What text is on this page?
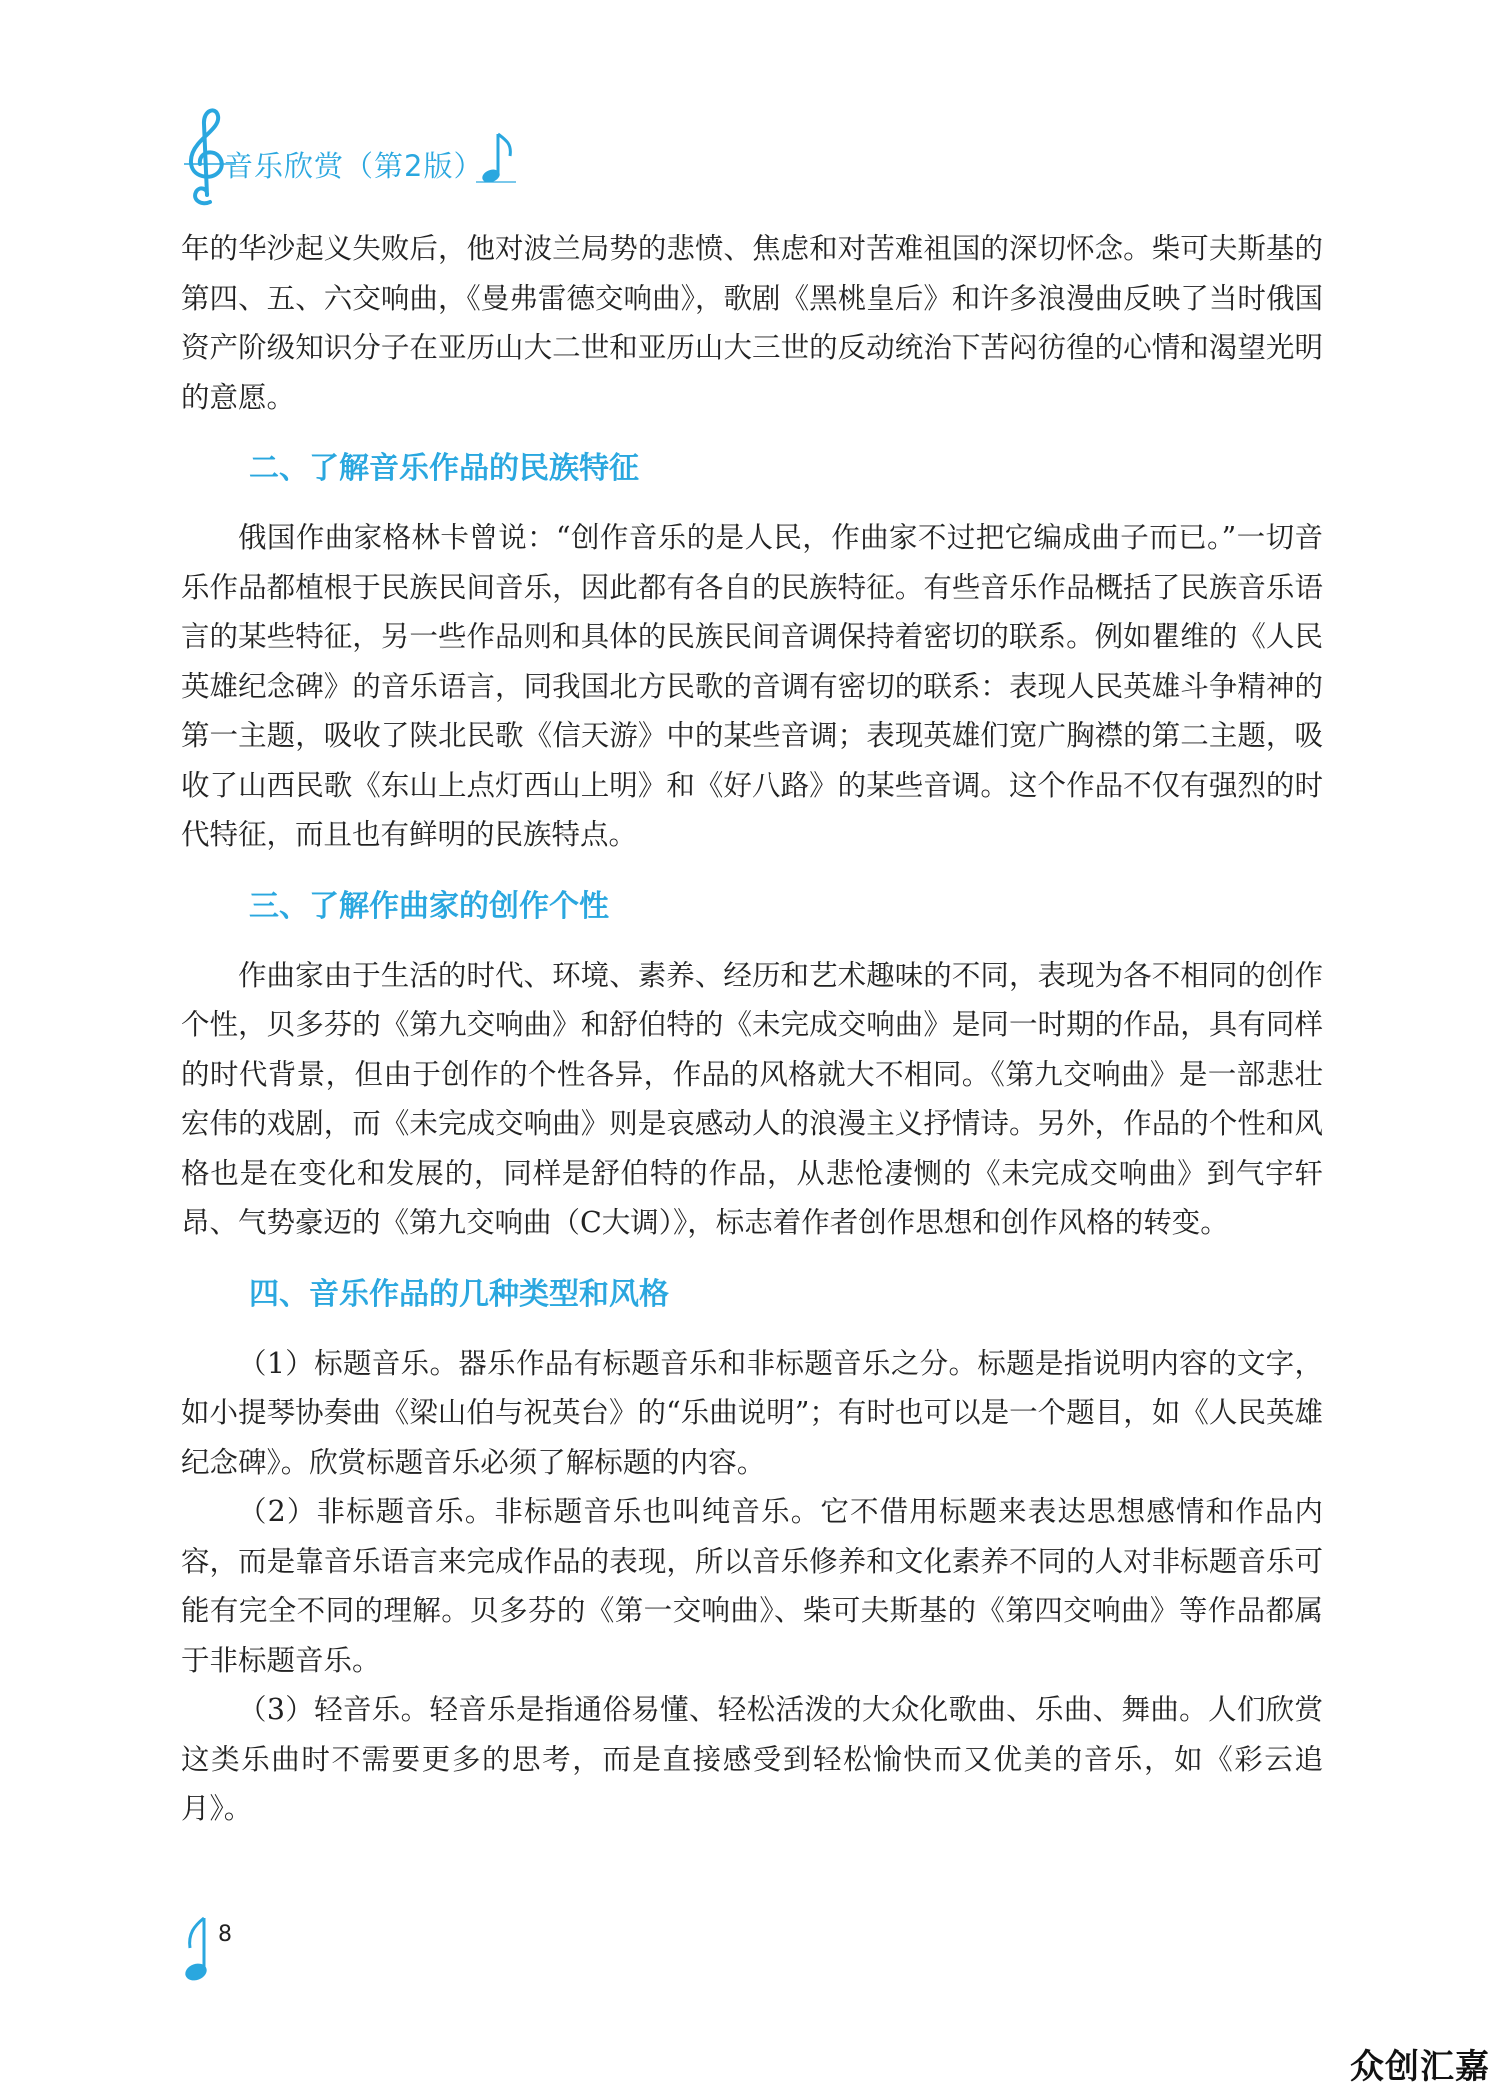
音乐欣赏（第2版）

年的华沙起义失败后，他对波兰局势的悲愤、焦虑和对苦难祖国的深切怀念。柴可夫斯基的第四、五、六交响曲，《曼弗雷德交响曲》，歌剧《黑桃皇后》和许多浪漫曲反映了当时俄国资产阶级知识分子在亚历山大二世和亚历山大三世的反动统治下苦闷彷徨的心情和渴望光明的意愿。

二、了解音乐作品的民族特征

俄国作曲家格林卡曾说：“创作音乐的是人民，作曲家不过把它编成曲子而已。”一切音乐作品都植根于民族民间音乐，因此都有各自的民族特征。有些音乐作品概括了民族音乐语言的某些特征，另一些作品则和具体的民族民间音调保持着密切的联系。例如瞿维的《人民英雄纪念碑》的音乐语言，同我国北方民歌的音调有密切的联系：表现人民英雄斗争精神的第一主题，吸收了陕北民歌《信天游》中的某些音调；表现英雄们宽广胸襟的第二主题，吸收了山西民歌《东山上点灯西山上明》和《好八路》的某些音调。这个作品不仅有强烈的时代特征，而且也有鲜明的民族特点。

三、了解作曲家的创作个性

作曲家由于生活的时代、环境、素养、经历和艺术趣味的不同，表现为各不相同的创作个性，贝多芬的《第九交响曲》和舒伯特的《未完成交响曲》是同一时期的作品，具有同样的时代背景，但由于创作的个性各异，作品的风格就大不相同。《第九交响曲》是一部悲壮宏伟的戏剧，而《未完成交响曲》则是哀感动人的浪漫主义抒情诗。另外，作品的个性和风格也是在变化和发展的，同样是舒伯特的作品，从悲怆凄恻的《未完成交响曲》到气宇轩昂、气势豪迈的《第九交响曲（C大调）》，标志着作者创作思想和创作风格的转变。

四、音乐作品的几种类型和风格

（1）标题音乐。器乐作品有标题音乐和非标题音乐之分。标题是指说明内容的文字，如小提琴协奏曲《梁山伯与祝英台》的“乐曲说明”；有时也可以是一个题目，如《人民英雄纪念碑》。欣赏标题音乐必须了解标题的内容。

（2）非标题音乐。非标题音乐也叫纯音乐。它不借用标题来表达思想感情和作品内容，而是靠音乐语言来完成作品的表现，所以音乐修养和文化素养不同的人对非标题音乐可能有完全不同的理解。贝多芬的《第一交响曲》、柴可夫斯基的《第四交响曲》等作品都属于非标题音乐。

（3）轻音乐。轻音乐是指通俗易懂、轻松活泼的大众化歌曲、乐曲、舞曲。人们欣赏这类乐曲时不需要更多的思考，而是直接感受到轻松愉快而又优美的音乐，如《彩云追月》。

8
众创汇嘉
